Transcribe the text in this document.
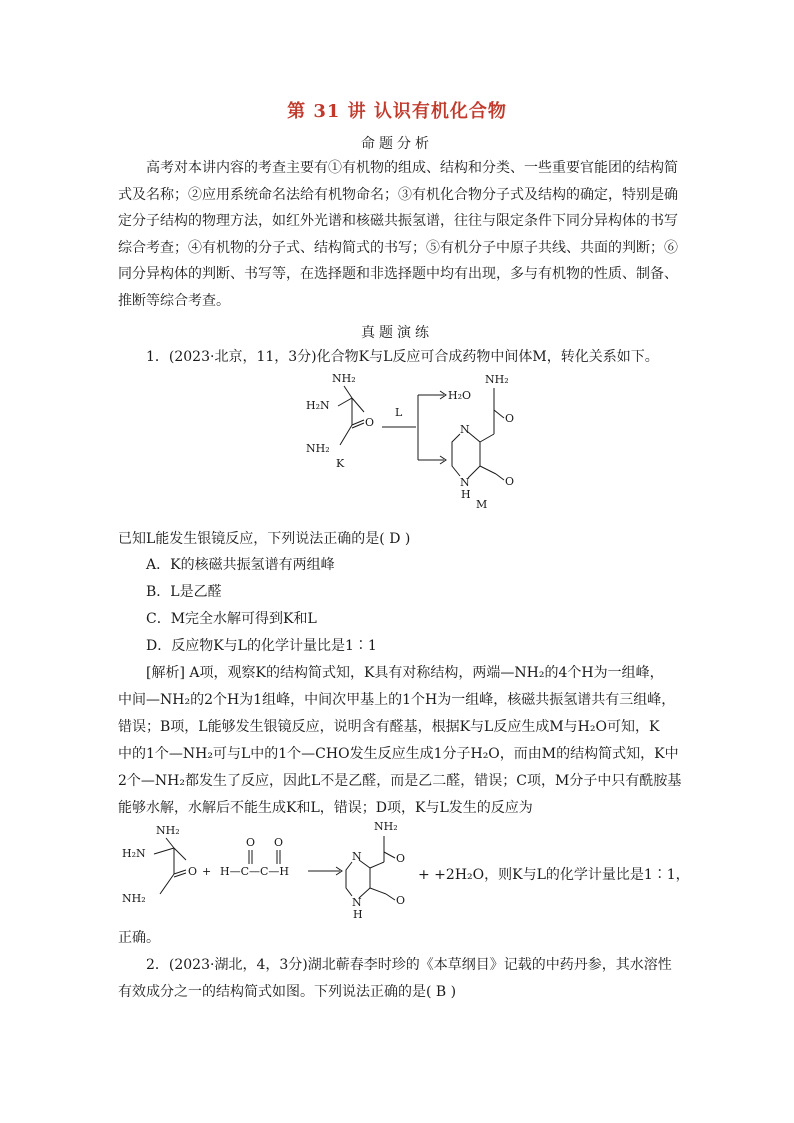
第 31 讲 认识有机化合物
命题分析

高考对本讲内容的考查主要有①有机物的组成、结构和分类、一些重要官能团的结构简式及名称；②应用系统命名法给有机物命名；③有机化合物分子式及结构的确定，特别是确定分子结构的物理方法，如红外光谱和核磁共振氢谱，往往与限定条件下同分异构体的书写综合考查；④有机物的分子式、结构简式的书写；⑤有机分子中原子共线、共面的判断；⑥同分异构体的判断、书写等，在选择题和非选择题中均有出现，多与有机物的性质、制备、推断等综合考查。

真题演练
1．(2023·北京，11，3分)化合物K与L反应可合成药物中间体M，转化关系如下。
NH₂
H₂N
O
NH₂
K
L
H₂O
N
N
H
NH₂
O
O
M
已知L能发生银镜反应，下列说法正确的是( D )
A．K的核磁共振氢谱有两组峰
B．L是乙醛
C．M完全水解可得到K和L
D．反应物K与L的化学计量比是1∶1
[解析] A项，观察K的结构简式知，K具有对称结构，两端—NH₂的4个H为一组峰，
中间—NH₂的2个H为1组峰，中间次甲基上的1个H为一组峰，核磁共振氢谱共有三组峰，
错误；B项，L能够发生银镜反应，说明含有醛基，根据K与L反应生成M与H₂O可知，K
中的1个—NH₂可与L中的1个—CHO发生反应生成1分子H₂O，而由M的结构简式知，K中
2个—NH₂都发生了反应，因此L不是乙醛，而是乙二醛，错误；C项，M分子中只有酰胺基
能够水解，水解后不能生成K和L，错误；D项，K与L发生的反应为
NH₂
H₂N
O
NH₂
+
O O
H—C—C—H
N
N
H
NH₂
O
O
+ +2H₂O，则K与L的化学计量比是1∶1，
正确。
2．(2023·湖北，4，3分)湖北蕲春李时珍的《本草纲目》记载的中药丹参，其水溶性
有效成分之一的结构简式如图。下列说法正确的是( B )
